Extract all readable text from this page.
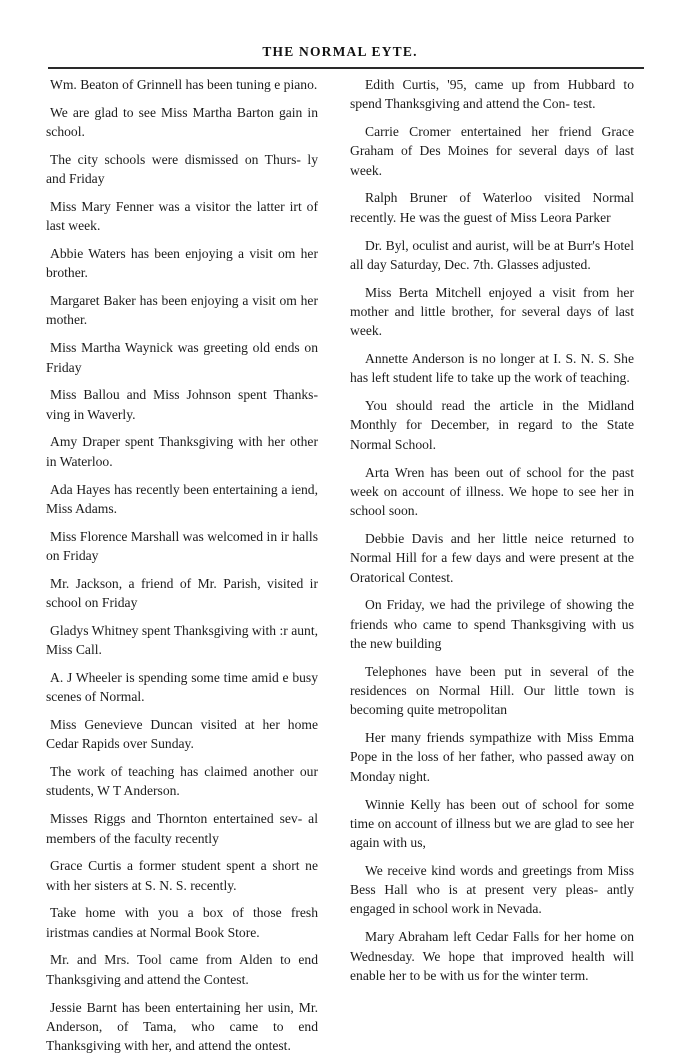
THE NORMAL EYTE.

Wm. Beaton of Grinnell has been tuning e piano.

We are glad to see Miss Martha Barton gain in school.

The city schools were dismissed on Thurs- ly and Friday

Miss Mary Fenner was a visitor the latter irt of last week.

Abbie Waters has been enjoying a visit om her brother.

Margaret Baker has been enjoying a visit om her mother.

Miss Martha Waynick was greeting old ends on Friday

Miss Ballou and Miss Johnson spent Thanks- ving in Waverly.

Amy Draper spent Thanksgiving with her other in Waterloo.

Ada Hayes has recently been entertaining a iend, Miss Adams.

Miss Florence Marshall was welcomed in ir halls on Friday

Mr. Jackson, a friend of Mr. Parish, visited ir school on Friday

Gladys Whitney spent Thanksgiving with :r aunt, Miss Call.

A. J Wheeler is spending some time amid e busy scenes of Normal.

Miss Genevieve Duncan visited at her home Cedar Rapids over Sunday.

The work of teaching has claimed another our students, W T Anderson.

Misses Riggs and Thornton entertained sev- al members of the faculty recently

Grace Curtis a former student spent a short ne with her sisters at S. N. S. recently.

Take home with you a box of those fresh iristmas candies at Normal Book Store.

Mr. and Mrs. Tool came from Alden to end Thanksgiving and attend the Contest.

Jessie Barnt has been entertaining her usin, Mr. Anderson, of Tama, who came to end Thanksgiving with her, and attend the ontest.

Edith Curtis, '95, came up from Hubbard to spend Thanksgiving and attend the Con- test.

Carrie Cromer entertained her friend Grace Graham of Des Moines for several days of last week.

Ralph Bruner of Waterloo visited Normal recently. He was the guest of Miss Leora Parker

Dr. Byl, oculist and aurist, will be at Burr's Hotel all day Saturday, Dec. 7th. Glasses adjusted.

Miss Berta Mitchell enjoyed a visit from her mother and little brother, for several days of last week.

Annette Anderson is no longer at I. S. N. S. She has left student life to take up the work of teaching.

You should read the article in the Midland Monthly for December, in regard to the State Normal School.

Arta Wren has been out of school for the past week on account of illness. We hope to see her in school soon.

Debbie Davis and her little neice returned to Normal Hill for a few days and were present at the Oratorical Contest.

On Friday, we had the privilege of showing the friends who came to spend Thanksgiving with us the new building

Telephones have been put in several of the residences on Normal Hill. Our little town is becoming quite metropolitan

Her many friends sympathize with Miss Emma Pope in the loss of her father, who passed away on Monday night.

Winnie Kelly has been out of school for some time on account of illness but we are glad to see her again with us,

We receive kind words and greetings from Miss Bess Hall who is at present very pleas- antly engaged in school work in Nevada.

Mary Abraham left Cedar Falls for her home on Wednesday. We hope that improved health will enable her to be with us for the winter term.
